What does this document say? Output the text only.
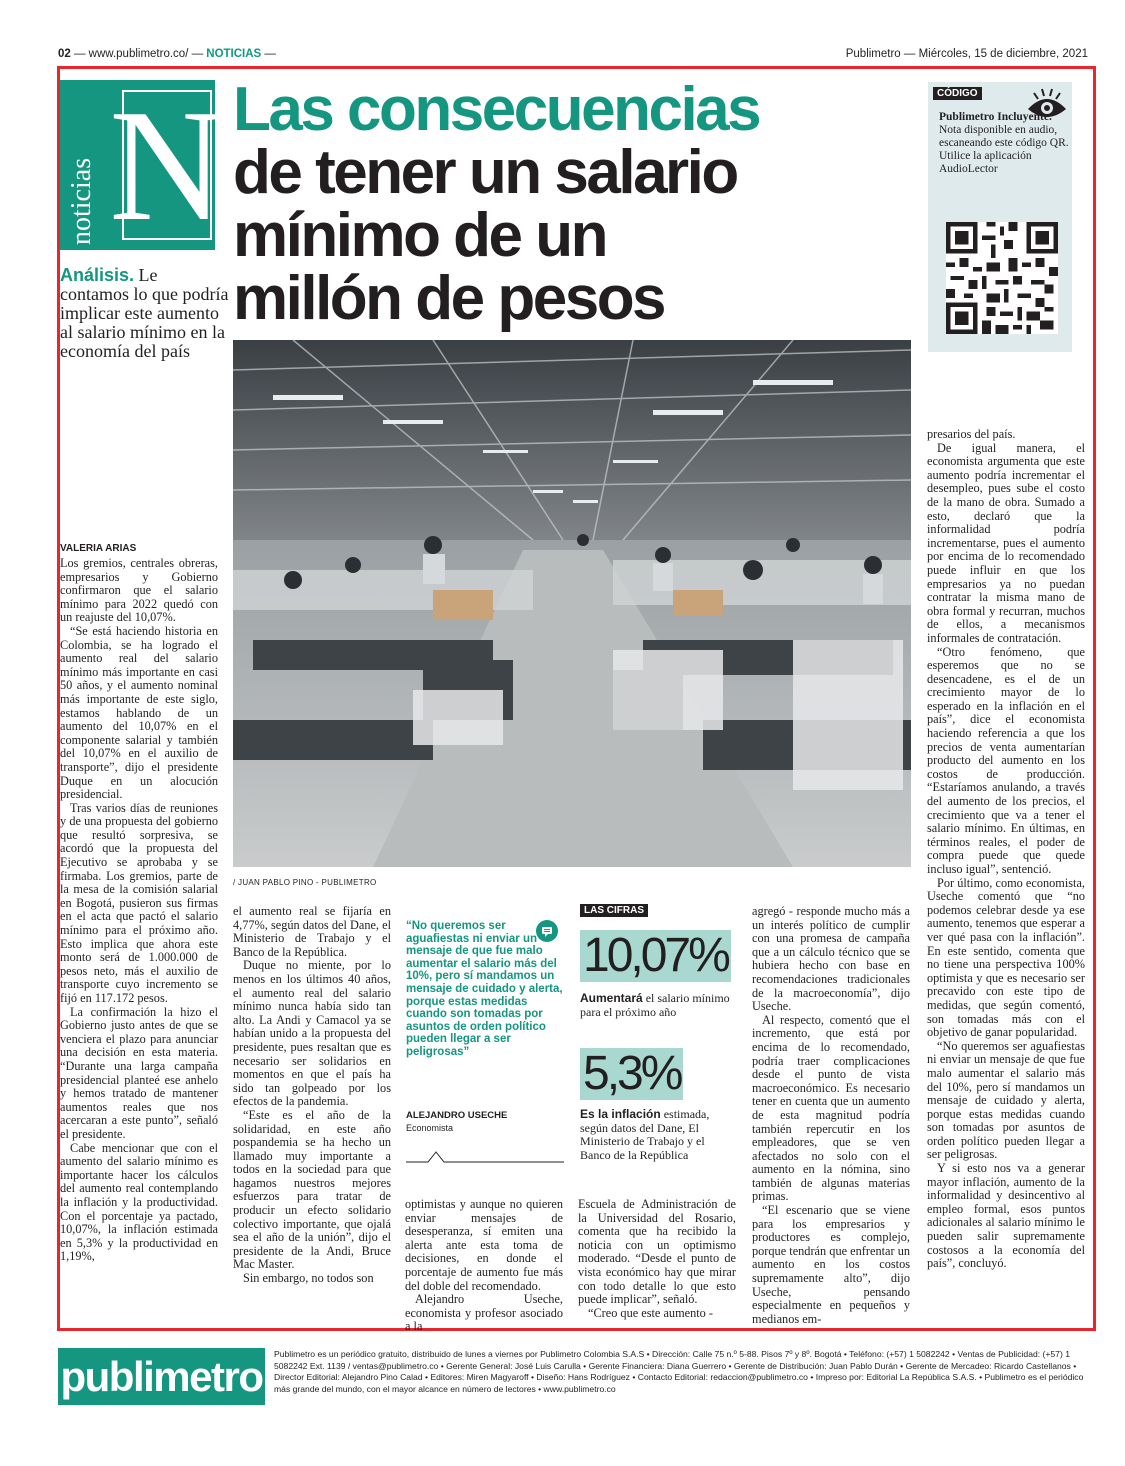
02 — www.publimetro.co/ — NOTICIAS —	Publimetro — Miércoles, 15 de diciembre, 2021
noticias N Las consecuencias
de tener un salario
mínimo de un
millón de pesos
Análisis. Le contamos lo que podría implicar este aumento al salario mínimo en la economía del país
CÓDIGO
Publimetro Incluyente. Nota disponible en audio, escaneando este código QR. Utilice la aplicación AudioLector
/ JUAN PABLO PINO - PUBLIMETRO
VALERIA ARIAS

Los gremios, centrales obreras, empresarios y Gobierno confirmaron que el salario mínimo para 2022 quedó con un reajuste del 10,07%.

“Se está haciendo historia en Colombia, se ha logrado el aumento real del salario mínimo más importante en casi 50 años, y el aumento nominal más importante de este siglo, estamos hablando de un aumento del 10,07% en el componente salarial y también del 10,07% en el auxilio de transporte”, dijo el presidente Duque en un alocución presidencial.

Tras varios días de reuniones y de una propuesta del gobierno que resultó sorpresiva, se acordó que la propuesta del Ejecutivo se aprobaba y se firmaba. Los gremios, parte de la mesa de la comisión salarial en Bogotá, pusieron sus firmas en el acta que pactó el salario mínimo para el próximo año. Esto implica que ahora este monto será de 1.000.000 de pesos neto, más el auxilio de transporte cuyo incremento se fijó en 117.172 pesos.

La confirmación la hizo el Gobierno justo antes de que se venciera el plazo para anunciar una decisión en esta materia. “Durante una larga campaña presidencial planteé ese anhelo y hemos tratado de mantener aumentos reales que nos acercaran a este punto”, señaló el presidente.

Cabe mencionar que con el aumento del salario mínimo es importante hacer los cálculos del aumento real contemplando la inflación y la productividad. Con el porcentaje ya pactado, 10,07%, la inflación estimada en 5,3% y la productividad en 1,19%,

el aumento real se fijaría en 4,77%, según datos del Dane, el Ministerio de Trabajo y el Banco de la República.

Duque no miente, por lo menos en los últimos 40 años, el aumento real del salario mínimo nunca había sido tan alto. La Andi y Camacol ya se habían unido a la propuesta del presidente, pues resaltan que es necesario ser solidarios en momentos en que el país ha sido tan golpeado por los efectos de la pandemia.

“Este es el año de la solidaridad, en este año pospandemia se ha hecho un llamado muy importante a todos en la sociedad para que hagamos nuestros mejores esfuerzos para tratar de producir un efecto solidario colectivo importante, que ojalá sea el año de la unión”, dijo el presidente de la Andi, Bruce Mac Master.

Sin embargo, no todos son

“No queremos ser aguafiestas ni enviar un mensaje de que fue malo aumentar el salario más del 10%, pero sí mandamos un mensaje de cuidado y alerta, porque estas medidas cuando son tomadas por asuntos de orden político pueden llegar a ser peligrosas”
ALEJANDRO USECHE
Economista

optimistas y aunque no quieren enviar mensajes de desesperanza, sí emiten una alerta ante esta toma de decisiones, en donde el porcentaje de aumento fue más del doble del recomendado.

Alejandro Useche, economista y profesor asociado a la

LAS CIFRAS
10,07%
Aumentará el salario mínimo para el próximo año
5,3%
Es la inflación estimada, según datos del Dane, El Ministerio de Trabajo y el Banco de la República

Escuela de Administración de la Universidad del Rosario, comenta que ha recibido la noticia con un optimismo moderado. “Desde el punto de vista económico hay que mirar con todo detalle lo que esto puede implicar”, señaló.

“Creo que este aumento -

agregó - responde mucho más a un interés político de cumplir con una promesa de campaña que a un cálculo técnico que se hubiera hecho con base en recomendaciones tradicionales de la macroeconomía”, dijo Useche.

Al respecto, comentó que el incremento, que está por encima de lo recomendado, podría traer complicaciones desde el punto de vista macroeconómico. Es necesario tener en cuenta que un aumento de esta magnitud podría también repercutir en los empleadores, que se ven afectados no solo con el aumento en la nómina, sino también de algunas materias primas.

“El escenario que se viene para los empresarios y productores es complejo, porque tendrán que enfrentar un aumento en los costos supremamente alto”, dijo Useche, pensando especialmente en pequeños y medianos em-

presarios del país.

De igual manera, el economista argumenta que este aumento podría incrementar el desempleo, pues sube el costo de la mano de obra. Sumado a esto, declaró que la informalidad podría incrementarse, pues el aumento por encima de lo recomendado puede influir en que los empresarios ya no puedan contratar la misma mano de obra formal y recurran, muchos de ellos, a mecanismos informales de contratación.

“Otro fenómeno, que esperemos que no se desencadene, es el de un crecimiento mayor de lo esperado en la inflación en el país”, dice el economista haciendo referencia a que los precios de venta aumentarían producto del aumento en los costos de producción. “Estaríamos anulando, a través del aumento de los precios, el crecimiento que va a tener el salario mínimo. En últimas, en términos reales, el poder de compra puede que quede incluso igual”, sentenció.

Por último, como economista, Useche comentó que “no podemos celebrar desde ya ese aumento, tenemos que esperar a ver qué pasa con la inflación”. En este sentido, comenta que no tiene una perspectiva 100% optimista y que es necesario ser precavido con este tipo de medidas, que según comentó, son tomadas más con el objetivo de ganar popularidad.

“No queremos ser aguafiestas ni enviar un mensaje de que fue malo aumentar el salario más del 10%, pero sí mandamos un mensaje de cuidado y alerta, porque estas medidas cuando son tomadas por asuntos de orden político pueden llegar a ser peligrosas.

Y si esto nos va a generar mayor inflación, aumento de la informalidad y desincentivo al empleo formal, esos puntos adicionales al salario mínimo le pueden salir supremamente costosos a la economía del país”, concluyó.

publimetro Publimetro es un periódico gratuito, distribuido de lunes a viernes por Publimetro Colombia S.A.S • Dirección: Calle 75 n.º 5-88. Pisos 7º y 8º. Bogotá • Teléfono: (+57) 1 5082242 • Ventas de Publicidad: (+57) 1 5082242 Ext. 1139 / ventas@publimetro.co • Gerente General: José Luis Carulla • Gerente Financiera: Diana Guerrero • Gerente de Distribución: Juan Pablo Durán • Gerente de Mercadeo: Ricardo Castellanos • Director Editorial: Alejandro Pino Calad • Editores: Miren Magyaroff • Diseño: Hans Rodríguez • Contacto Editorial: redaccion@publimetro.co • Impreso por: Editorial La República S.A.S. • Publimetro es el periódico más grande del mundo, con el mayor alcance en número de lectores • www.publimetro.co
